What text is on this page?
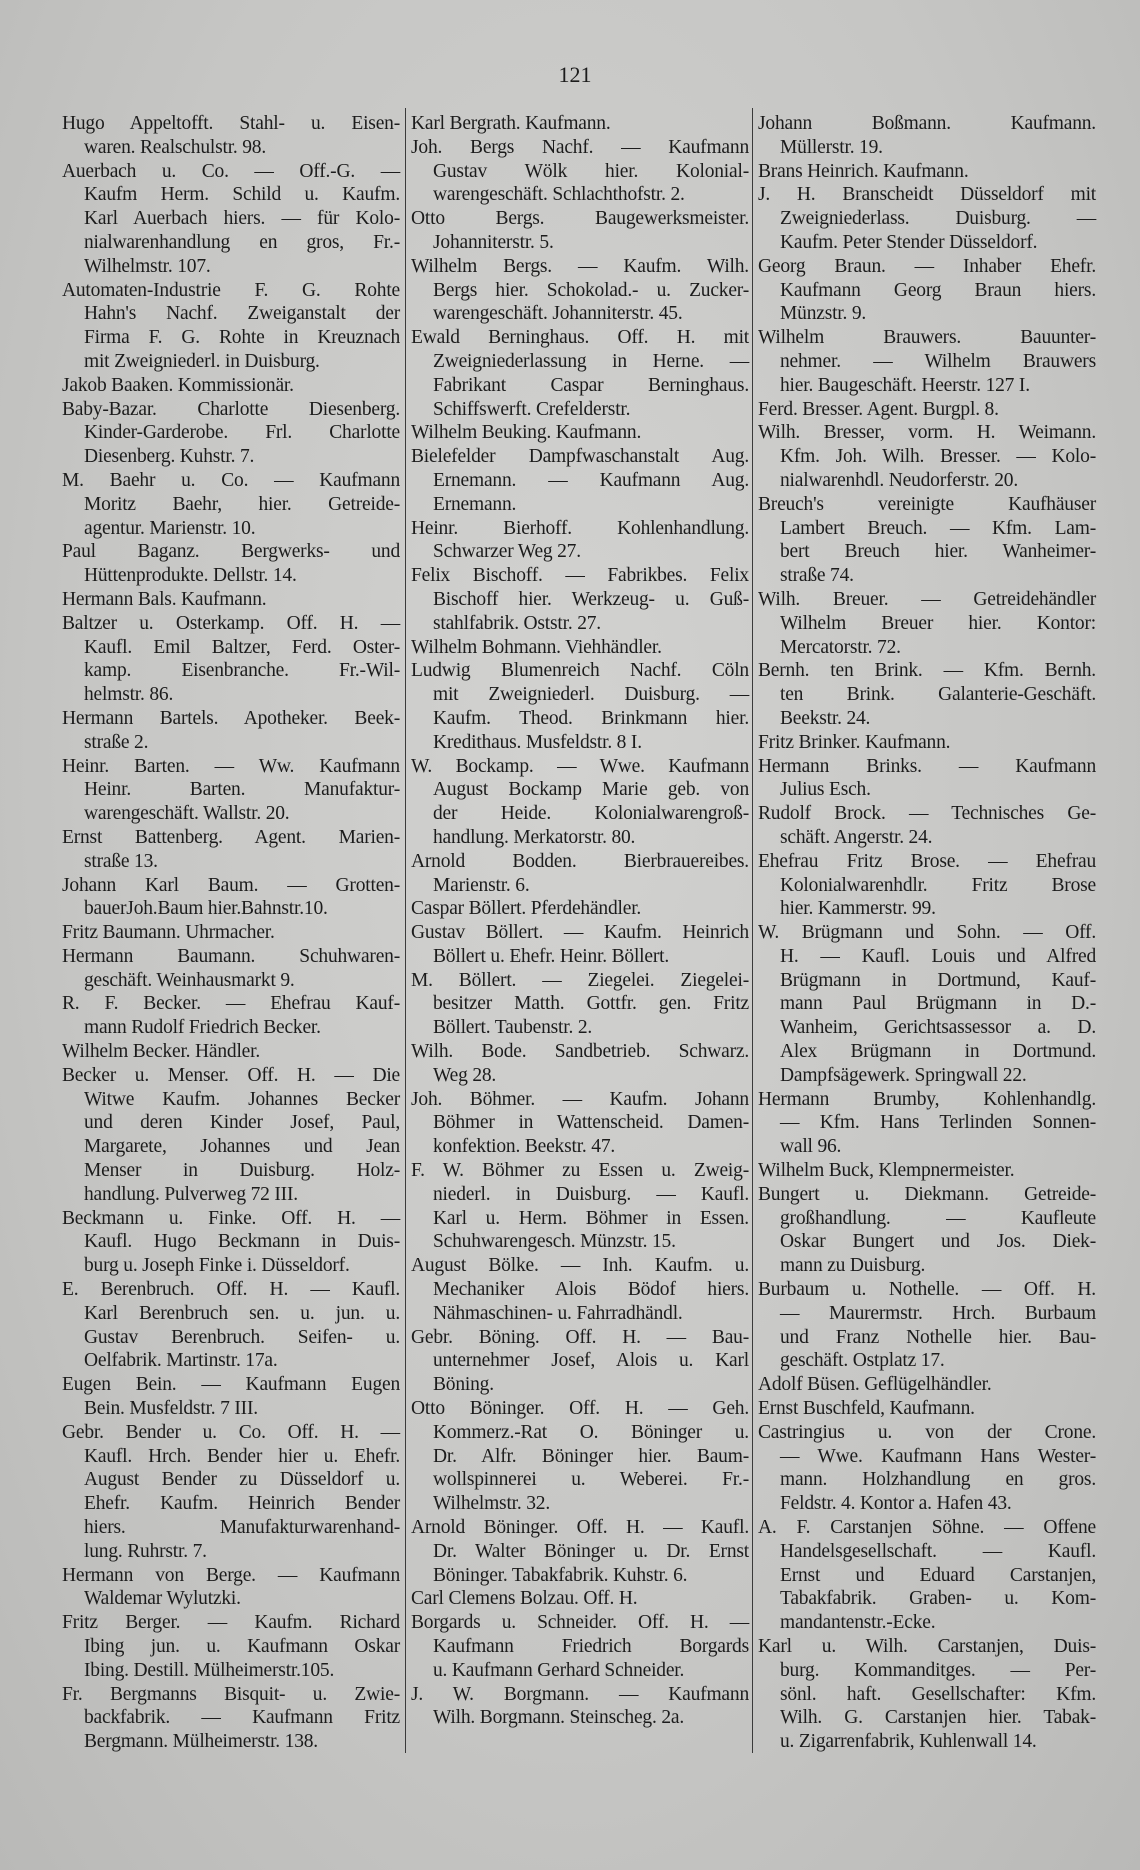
121
Hugo Appeltofft. Stahl- u. Eisen-
waren. Realschulstr. 98.
Auerbach u. Co. — Off.-G. —
Kaufm Herm. Schild u. Kaufm.
Karl Auerbach hiers. — für Kolo-
nialwarenhandlung en gros, Fr.-
Wilhelmstr. 107.
Automaten-Industrie F. G. Rohte
Hahn's Nachf. Zweiganstalt der
Firma F. G. Rohte in Kreuznach
mit Zweigniederl. in Duisburg.
Jakob Baaken. Kommissionär.
Baby-Bazar. Charlotte Diesenberg.
Kinder-Garderobe. Frl. Charlotte
Diesenberg. Kuhstr. 7.
M. Baehr u. Co. — Kaufmann
Moritz Baehr, hier. Getreide-
agentur. Marienstr. 10.
Paul Baganz. Bergwerks- und
Hüttenprodukte. Dellstr. 14.
Hermann Bals. Kaufmann.
Baltzer u. Osterkamp. Off. H. —
Kaufl. Emil Baltzer, Ferd. Oster-
kamp. Eisenbranche. Fr.-Wil-
helmstr. 86.
Hermann Bartels. Apotheker. Beek-
straße 2.
Heinr. Barten. — Ww. Kaufmann
Heinr. Barten. Manufaktur-
warengeschäft. Wallstr. 20.
Ernst Battenberg. Agent. Marien-
straße 13.
Johann Karl Baum. — Grotten-
bauerJoh.Baum hier.Bahnstr.10.
Fritz Baumann. Uhrmacher.
Hermann Baumann. Schuhwaren-
geschäft. Weinhausmarkt 9.
R. F. Becker. — Ehefrau Kauf-
mann Rudolf Friedrich Becker.
Wilhelm Becker. Händler.
Becker u. Menser. Off. H. — Die
Witwe Kaufm. Johannes Becker
und deren Kinder Josef, Paul,
Margarete, Johannes und Jean
Menser in Duisburg. Holz-
handlung. Pulverweg 72 III.
Beckmann u. Finke. Off. H. —
Kaufl. Hugo Beckmann in Duis-
burg u. Joseph Finke i. Düsseldorf.
E. Berenbruch. Off. H. — Kaufl.
Karl Berenbruch sen. u. jun. u.
Gustav Berenbruch. Seifen- u.
Oelfabrik. Martinstr. 17a.
Eugen Bein. — Kaufmann Eugen
Bein. Musfeldstr. 7 III.
Gebr. Bender u. Co. Off. H. —
Kaufl. Hrch. Bender hier u. Ehefr.
August Bender zu Düsseldorf u.
Ehefr. Kaufm. Heinrich Bender
hiers. Manufakturwarenhand-
lung. Ruhrstr. 7.
Hermann von Berge. — Kaufmann
Waldemar Wylutzki.
Fritz Berger. — Kaufm. Richard
Ibing jun. u. Kaufmann Oskar
Ibing. Destill. Mülheimerstr.105.
Fr. Bergmanns Bisquit- u. Zwie-
backfabrik. — Kaufmann Fritz
Bergmann. Mülheimerstr. 138.
Karl Bergrath. Kaufmann.
Joh. Bergs Nachf. — Kaufmann
Gustav Wölk hier. Kolonial-
warengeschäft. Schlachthofstr. 2.
Otto Bergs. Baugewerksmeister.
Johanniterstr. 5.
Wilhelm Bergs. — Kaufm. Wilh.
Bergs hier. Schokolad.- u. Zucker-
warengeschäft. Johanniterstr. 45.
Ewald Berninghaus. Off. H. mit
Zweigniederlassung in Herne. —
Fabrikant Caspar Berninghaus.
Schiffswerft. Crefelderstr.
Wilhelm Beuking. Kaufmann.
Bielefelder Dampfwaschanstalt Aug.
Ernemann. — Kaufmann Aug.
Ernemann.
Heinr. Bierhoff. Kohlenhandlung.
Schwarzer Weg 27.
Felix Bischoff. — Fabrikbes. Felix
Bischoff hier. Werkzeug- u. Guß-
stahlfabrik. Oststr. 27.
Wilhelm Bohmann. Viehhändler.
Ludwig Blumenreich Nachf. Cöln
mit Zweigniederl. Duisburg. —
Kaufm. Theod. Brinkmann hier.
Kredithaus. Musfeldstr. 8 I.
W. Bockamp. — Wwe. Kaufmann
August Bockamp Marie geb. von
der Heide. Kolonialwarengroß-
handlung. Merkatorstr. 80.
Arnold Bodden. Bierbrauereibes.
Marienstr. 6.
Caspar Böllert. Pferdehändler.
Gustav Böllert. — Kaufm. Heinrich
Böllert u. Ehefr. Heinr. Böllert.
M. Böllert. — Ziegelei. Ziegelei-
besitzer Matth. Gottfr. gen. Fritz
Böllert. Taubenstr. 2.
Wilh. Bode. Sandbetrieb. Schwarz.
Weg 28.
Joh. Böhmer. — Kaufm. Johann
Böhmer in Wattenscheid. Damen-
konfektion. Beekstr. 47.
F. W. Böhmer zu Essen u. Zweig-
niederl. in Duisburg. — Kaufl.
Karl u. Herm. Böhmer in Essen.
Schuhwarengesch. Münzstr. 15.
August Bölke. — Inh. Kaufm. u.
Mechaniker Alois Bödof hiers.
Nähmaschinen- u. Fahrradhändl.
Gebr. Böning. Off. H. — Bau-
unternehmer Josef, Alois u. Karl
Böning.
Otto Böninger. Off. H. — Geh.
Kommerz.-Rat O. Böninger u.
Dr. Alfr. Böninger hier. Baum-
wollspinnerei u. Weberei. Fr.-
Wilhelmstr. 32.
Arnold Böninger. Off. H. — Kaufl.
Dr. Walter Böninger u. Dr. Ernst
Böninger. Tabakfabrik. Kuhstr. 6.
Carl Clemens Bolzau. Off. H.
Borgards u. Schneider. Off. H. —
Kaufmann Friedrich Borgards
u. Kaufmann Gerhard Schneider.
J. W. Borgmann. — Kaufmann
Wilh. Borgmann. Steinscheg. 2a.
Johann Boßmann. Kaufmann.
Müllerstr. 19.
Brans Heinrich. Kaufmann.
J. H. Branscheidt Düsseldorf mit
Zweigniederlass. Duisburg. —
Kaufm. Peter Stender Düsseldorf.
Georg Braun. — Inhaber Ehefr.
Kaufmann Georg Braun hiers.
Münzstr. 9.
Wilhelm Brauwers. Bauunter-
nehmer. — Wilhelm Brauwers
hier. Baugeschäft. Heerstr. 127 I.
Ferd. Bresser. Agent. Burgpl. 8.
Wilh. Bresser, vorm. H. Weimann.
Kfm. Joh. Wilh. Bresser. — Kolo-
nialwarenhdl. Neudorferstr. 20.
Breuch's vereinigte Kaufhäuser
Lambert Breuch. — Kfm. Lam-
bert Breuch hier. Wanheimer-
straße 74.
Wilh. Breuer. — Getreidehändler
Wilhelm Breuer hier. Kontor:
Mercatorstr. 72.
Bernh. ten Brink. — Kfm. Bernh.
ten Brink. Galanterie-Geschäft.
Beekstr. 24.
Fritz Brinker. Kaufmann.
Hermann Brinks. — Kaufmann
Julius Esch.
Rudolf Brock. — Technisches Ge-
schäft. Angerstr. 24.
Ehefrau Fritz Brose. — Ehefrau
Kolonialwarenhdlr. Fritz Brose
hier. Kammerstr. 99.
W. Brügmann und Sohn. — Off.
H. — Kaufl. Louis und Alfred
Brügmann in Dortmund, Kauf-
mann Paul Brügmann in D.-
Wanheim, Gerichtsassessor a. D.
Alex Brügmann in Dortmund.
Dampfsägewerk. Springwall 22.
Hermann Brumby, Kohlenhandlg.
— Kfm. Hans Terlinden Sonnen-
wall 96.
Wilhelm Buck, Klempnermeister.
Bungert u. Diekmann. Getreide-
großhandlung. — Kaufleute
Oskar Bungert und Jos. Diek-
mann zu Duisburg.
Burbaum u. Nothelle. — Off. H.
— Maurermstr. Hrch. Burbaum
und Franz Nothelle hier. Bau-
geschäft. Ostplatz 17.
Adolf Büsen. Geflügelhändler.
Ernst Buschfeld, Kaufmann.
Castringius u. von der Crone.
— Wwe. Kaufmann Hans Wester-
mann. Holzhandlung en gros.
Feldstr. 4. Kontor a. Hafen 43.
A. F. Carstanjen Söhne. — Offene
Handelsgesellschaft. — Kaufl.
Ernst und Eduard Carstanjen,
Tabakfabrik. Graben- u. Kom-
mandantenstr.-Ecke.
Karl u. Wilh. Carstanjen, Duis-
burg. Kommanditges. — Per-
sönl. haft. Gesellschafter: Kfm.
Wilh. G. Carstanjen hier. Tabak-
u. Zigarrenfabrik, Kuhlenwall 14.
